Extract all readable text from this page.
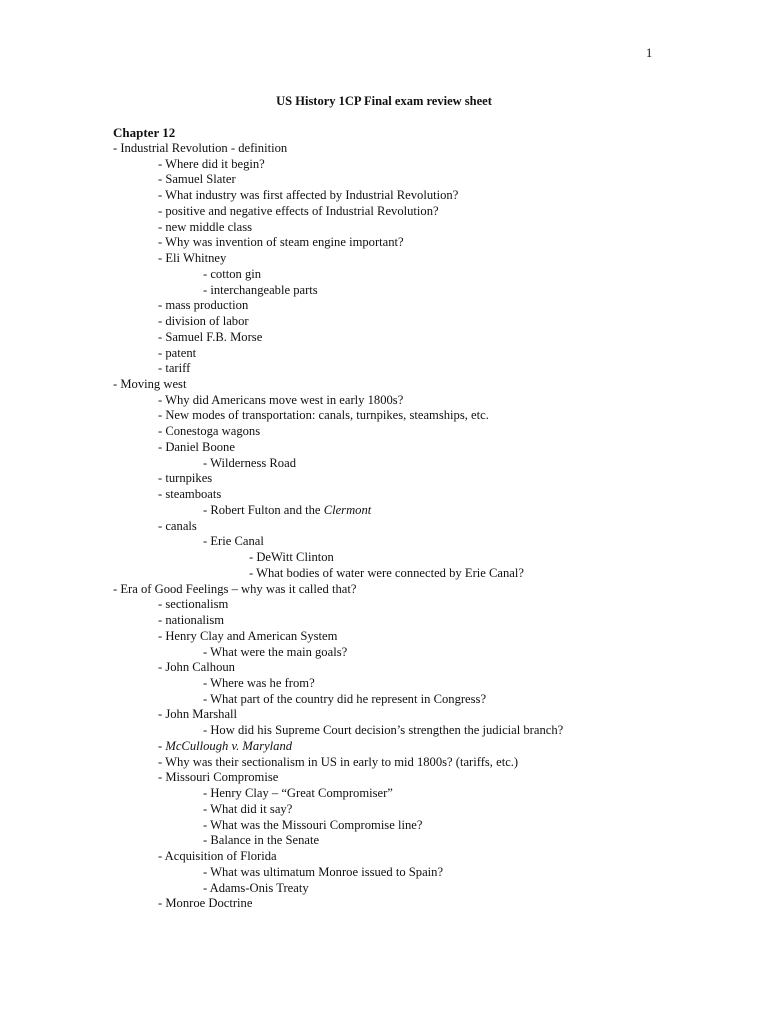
1
US History 1CP Final exam review sheet
Chapter 12
- Industrial Revolution - definition
- Where did it begin?
- Samuel Slater
- What industry was first affected by Industrial Revolution?
- positive and negative effects of Industrial Revolution?
- new middle class
- Why was invention of steam engine important?
- Eli Whitney
- cotton gin
- interchangeable parts
- mass production
- division of labor
- Samuel F.B. Morse
- patent
- tariff
- Moving west
- Why did Americans move west in early 1800s?
- New modes of transportation: canals, turnpikes, steamships, etc.
- Conestoga wagons
- Daniel Boone
- Wilderness Road
- turnpikes
- steamboats
- Robert Fulton and the Clermont
- canals
- Erie Canal
- DeWitt Clinton
- What bodies of water were connected by Erie Canal?
- Era of Good Feelings – why was it called that?
- sectionalism
- nationalism
- Henry Clay and American System
- What were the main goals?
- John Calhoun
- Where was he from?
- What part of the country did he represent in Congress?
- John Marshall
- How did his Supreme Court decision’s strengthen the judicial branch?
- McCullough v. Maryland
- Why was their sectionalism in US in early to mid 1800s? (tariffs, etc.)
- Missouri Compromise
- Henry Clay – “Great Compromiser”
- What did it say?
- What was the Missouri Compromise line?
- Balance in the Senate
- Acquisition of Florida
- What was ultimatum Monroe issued to Spain?
- Adams-Onis Treaty
- Monroe Doctrine
